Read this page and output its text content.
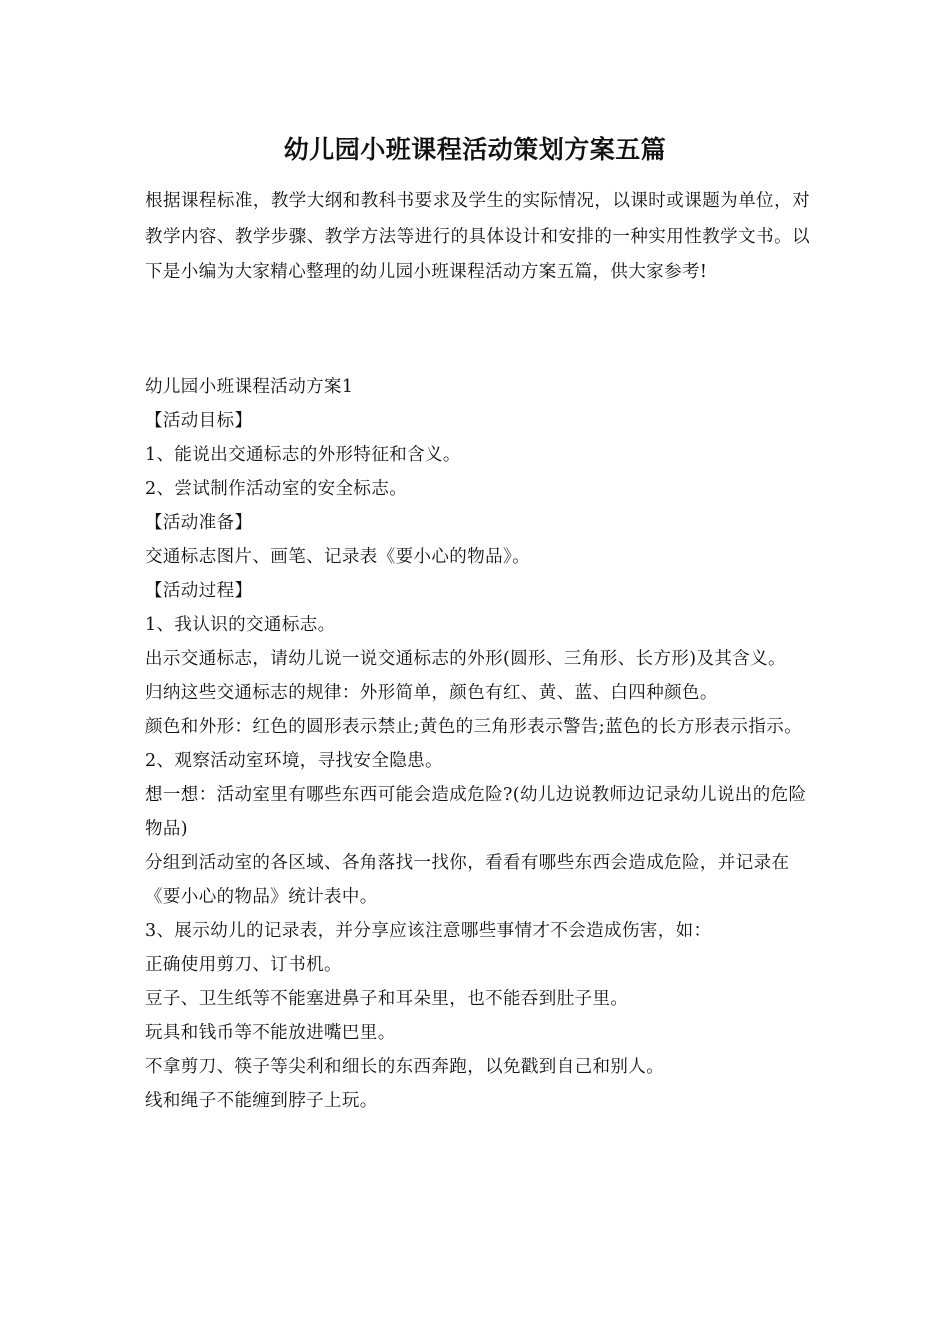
幼儿园小班课程活动策划方案五篇
根据课程标准，教学大纲和教科书要求及学生的实际情况，以课时或课题为单位，对教学内容、教学步骤、教学方法等进行的具体设计和安排的一种实用性教学文书。以下是小编为大家精心整理的幼儿园小班课程活动方案五篇，供大家参考!

幼儿园小班课程活动方案1

【活动目标】

1、能说出交通标志的外形特征和含义。

2、尝试制作活动室的安全标志。

【活动准备】

交通标志图片、画笔、记录表《要小心的物品》。

【活动过程】

1、我认识的交通标志。

出示交通标志，请幼儿说一说交通标志的外形(圆形、三角形、长方形)及其含义。

归纳这些交通标志的规律：外形简单，颜色有红、黄、蓝、白四种颜色。

颜色和外形：红色的圆形表示禁止;黄色的三角形表示警告;蓝色的长方形表示指示。

2、观察活动室环境，寻找安全隐患。

想一想：活动室里有哪些东西可能会造成危险?(幼儿边说教师边记录幼儿说出的危险物品)

分组到活动室的各区域、各角落找一找你，看看有哪些东西会造成危险，并记录在《要小心的物品》统计表中。

3、展示幼儿的记录表，并分享应该注意哪些事情才不会造成伤害，如：

正确使用剪刀、订书机。

豆子、卫生纸等不能塞进鼻子和耳朵里，也不能吞到肚子里。

玩具和钱币等不能放进嘴巴里。

不拿剪刀、筷子等尖利和细长的东西奔跑，以免戳到自己和别人。

线和绳子不能缠到脖子上玩。
